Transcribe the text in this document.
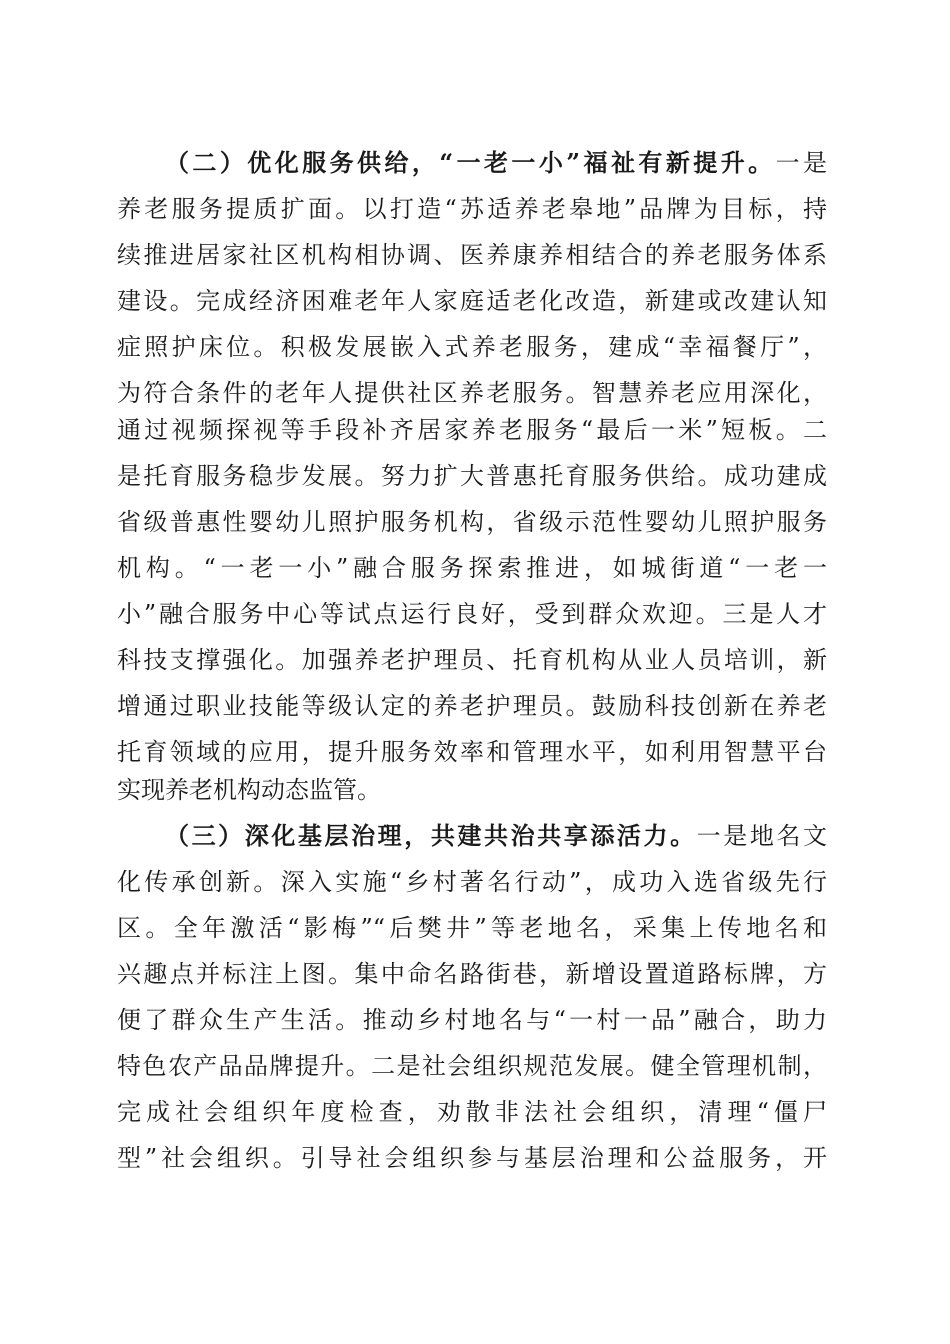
（二）优化服务供给，“一老一小”福祉有新提升。一是
养老服务提质扩面。以打造“苏适养老皋地”品牌为目标，持
续推进居家社区机构相协调、医养康养相结合的养老服务体系
建设。完成经济困难老年人家庭适老化改造，新建或改建认知
症照护床位。积极发展嵌入式养老服务，建成“幸福餐厅”，
为符合条件的老年人提供社区养老服务。智慧养老应用深化，
通过视频探视等手段补齐居家养老服务“最后一米”短板。二
是托育服务稳步发展。努力扩大普惠托育服务供给。成功建成
省级普惠性婴幼儿照护服务机构，省级示范性婴幼儿照护服务
机构。“一老一小”融合服务探索推进，如城街道“一老一
小”融合服务中心等试点运行良好，受到群众欢迎。三是人才
科技支撑强化。加强养老护理员、托育机构从业人员培训，新
增通过职业技能等级认定的养老护理员。鼓励科技创新在养老
托育领域的应用，提升服务效率和管理水平，如利用智慧平台
实现养老机构动态监管。
（三）深化基层治理，共建共治共享添活力。一是地名文
化传承创新。深入实施“乡村著名行动”，成功入选省级先行
区。全年激活“影梅”“后樊井”等老地名，采集上传地名和
兴趣点并标注上图。集中命名路街巷，新增设置道路标牌，方
便了群众生产生活。推动乡村地名与“一村一品”融合，助力
特色农产品品牌提升。二是社会组织规范发展。健全管理机制，
完成社会组织年度检查，劝散非法社会组织，清理“僵尸
型”社会组织。引导社会组织参与基层治理和公益服务，开
